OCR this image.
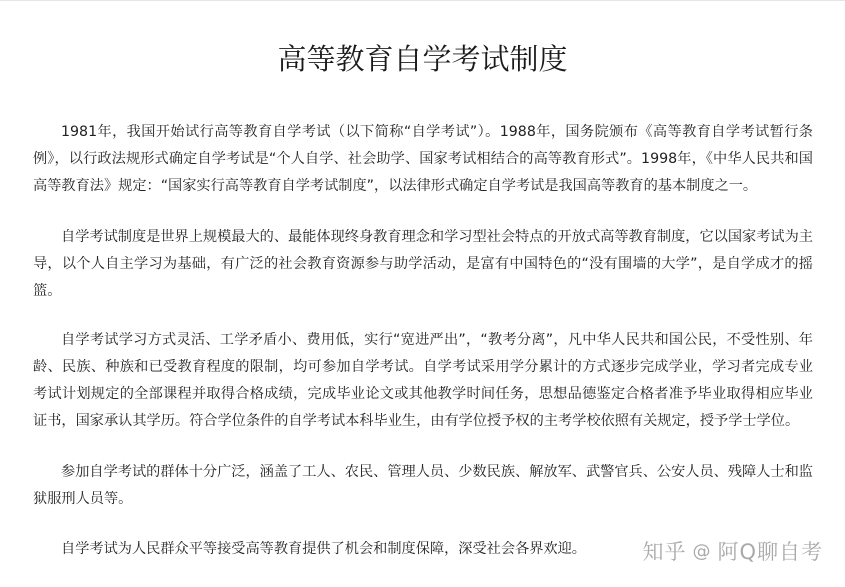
高等教育自学考试制度

1981年，我国开始试行高等教育自学考试（以下简称“自学考试”）。1988年，国务院颁布《高等教育自学考试暂行条例》，以行政法规形式确定自学考试是“个人自学、社会助学、国家考试相结合的高等教育形式”。1998年，《中华人民共和国高等教育法》规定：“国家实行高等教育自学考试制度”，以法律形式确定自学考试是我国高等教育的基本制度之一。

自学考试制度是世界上规模最大的、最能体现终身教育理念和学习型社会特点的开放式高等教育制度，它以国家考试为主导，以个人自主学习为基础，有广泛的社会教育资源参与助学活动，是富有中国特色的“没有围墙的大学”，是自学成才的摇篮。

自学考试学习方式灵活、工学矛盾小、费用低，实行“宽进严出”，“教考分离”，凡中华人民共和国公民，不受性别、年龄、民族、种族和已受教育程度的限制，均可参加自学考试。自学考试采用学分累计的方式逐步完成学业，学习者完成专业考试计划规定的全部课程并取得合格成绩，完成毕业论文或其他教学时间任务，思想品德鉴定合格者准予毕业取得相应毕业证书，国家承认其学历。符合学位条件的自学考试本科毕业生，由有学位授予权的主考学校依照有关规定，授予学士学位。

参加自学考试的群体十分广泛，涵盖了工人、农民、管理人员、少数民族、解放军、武警官兵、公安人员、残障人士和监狱服刑人员等。

自学考试为人民群众平等接受高等教育提供了机会和制度保障，深受社会各界欢迎。	知乎 @ 阿Q聊自考
